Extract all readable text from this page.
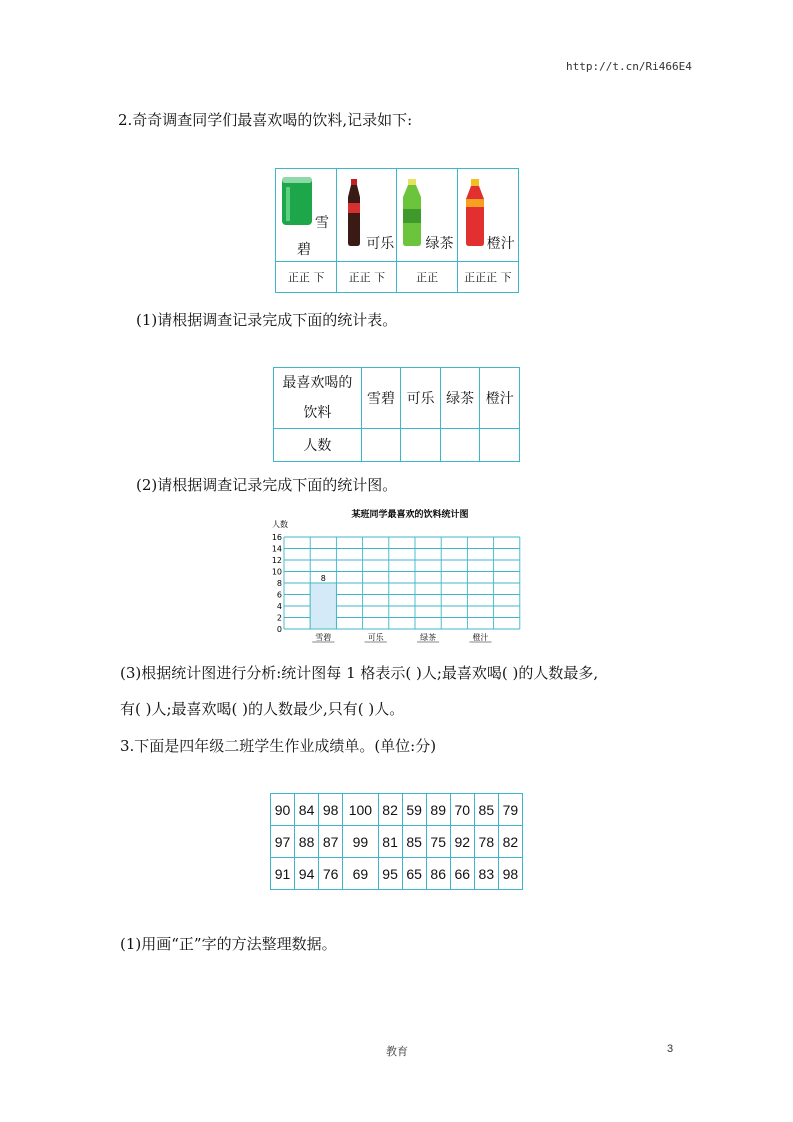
http://t.cn/Ri466E4
2.奇奇调查同学们最喜欢喝的饮料,记录如下:
雪
碧	可乐	绿茶	橙汁

正正 下	正正 下	正正	正正正 下
(1)请根据调查记录完成下面的统计表。
最喜欢喝的
饮料	雪碧	可乐	绿茶	橙汁
人数				
(2)请根据调查记录完成下面的统计图。
某班同学最喜欢的饮料统计图
人数
16
14
12
10
8
6
4
2
0
8
雪碧	可乐	绿茶	橙汁
(3)根据统计图进行分析:统计图每 1 格表示( )人;最喜欢喝( )的人数最多,
有( )人;最喜欢喝( )的人数最少,只有( )人。
3.下面是四年级二班学生作业成绩单。(单位:分)
90	84	98	100	82	59	89	70	85	79
97	88	87	99	81	85	75	92	78	82
91	94	76	69	95	65	86	66	83	98
(1)用画“正”字的方法整理数据。
教育	3
